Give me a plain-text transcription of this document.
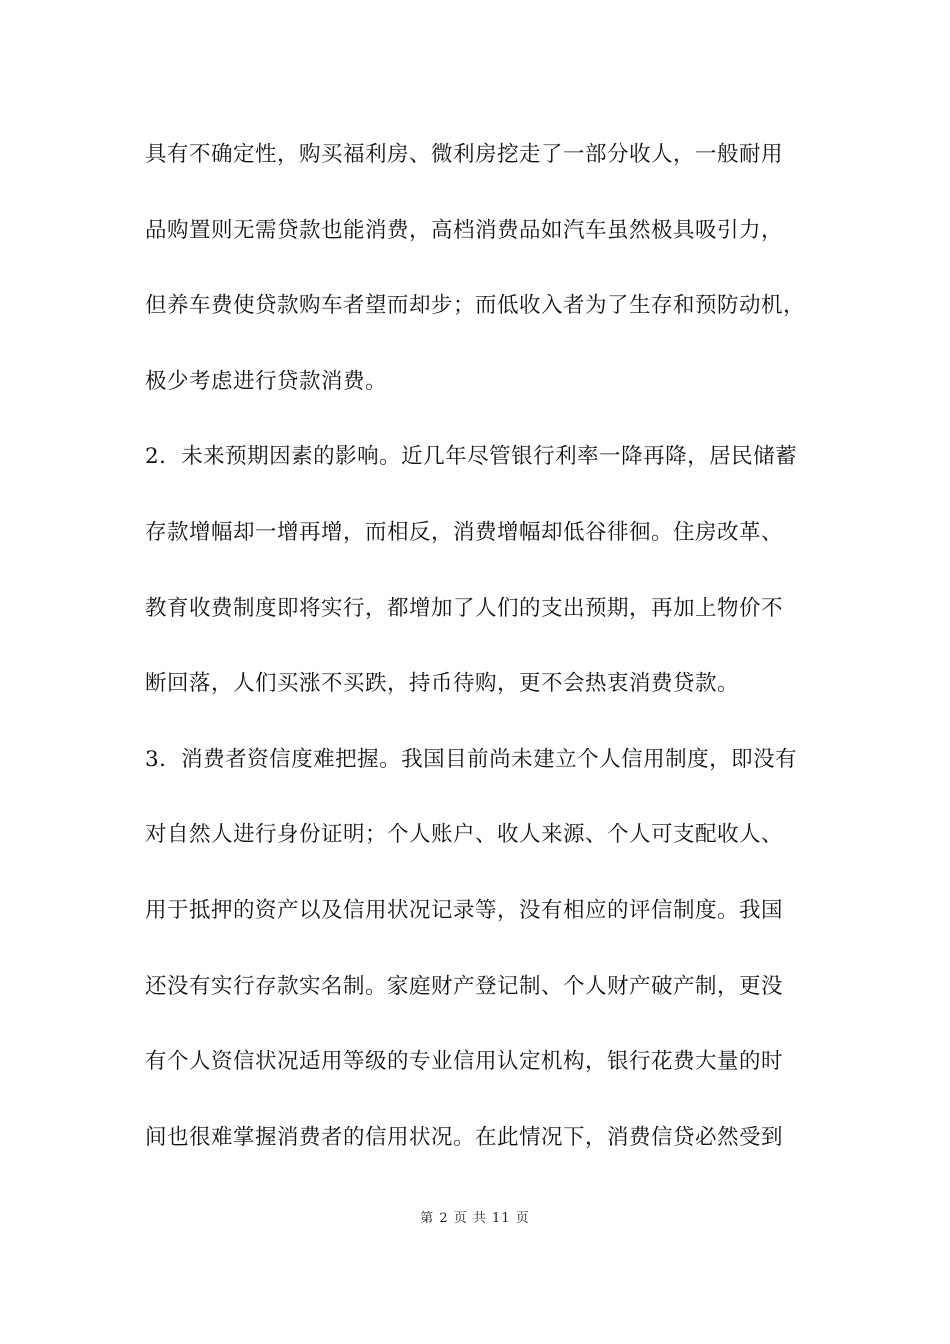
具有不确定性，购买福利房、微利房挖走了一部分收人，一般耐用
品购置则无需贷款也能消费，高档消费品如汽车虽然极具吸引力，
但养车费使贷款购车者望而却步；而低收入者为了生存和预防动机，
极少考虑进行贷款消费。
2．未来预期因素的影响。近几年尽管银行利率一降再降，居民储蓄
存款增幅却一增再增，而相反，消费增幅却低谷徘徊。住房改革、
教育收费制度即将实行，都增加了人们的支出预期，再加上物价不
断回落，人们买涨不买跌，持币待购，更不会热衷消费贷款。
3．消费者资信度难把握。我国目前尚未建立个人信用制度，即没有
对自然人进行身份证明；个人账户、收人来源、个人可支配收人、
用于抵押的资产以及信用状况记录等，没有相应的评信制度。我国
还没有实行存款实名制。家庭财产登记制、个人财产破产制，更没
有个人资信状况适用等级的专业信用认定机构，银行花费大量的时
间也很难掌握消费者的信用状况。在此情况下，消费信贷必然受到
第 2 页 共 11 页
